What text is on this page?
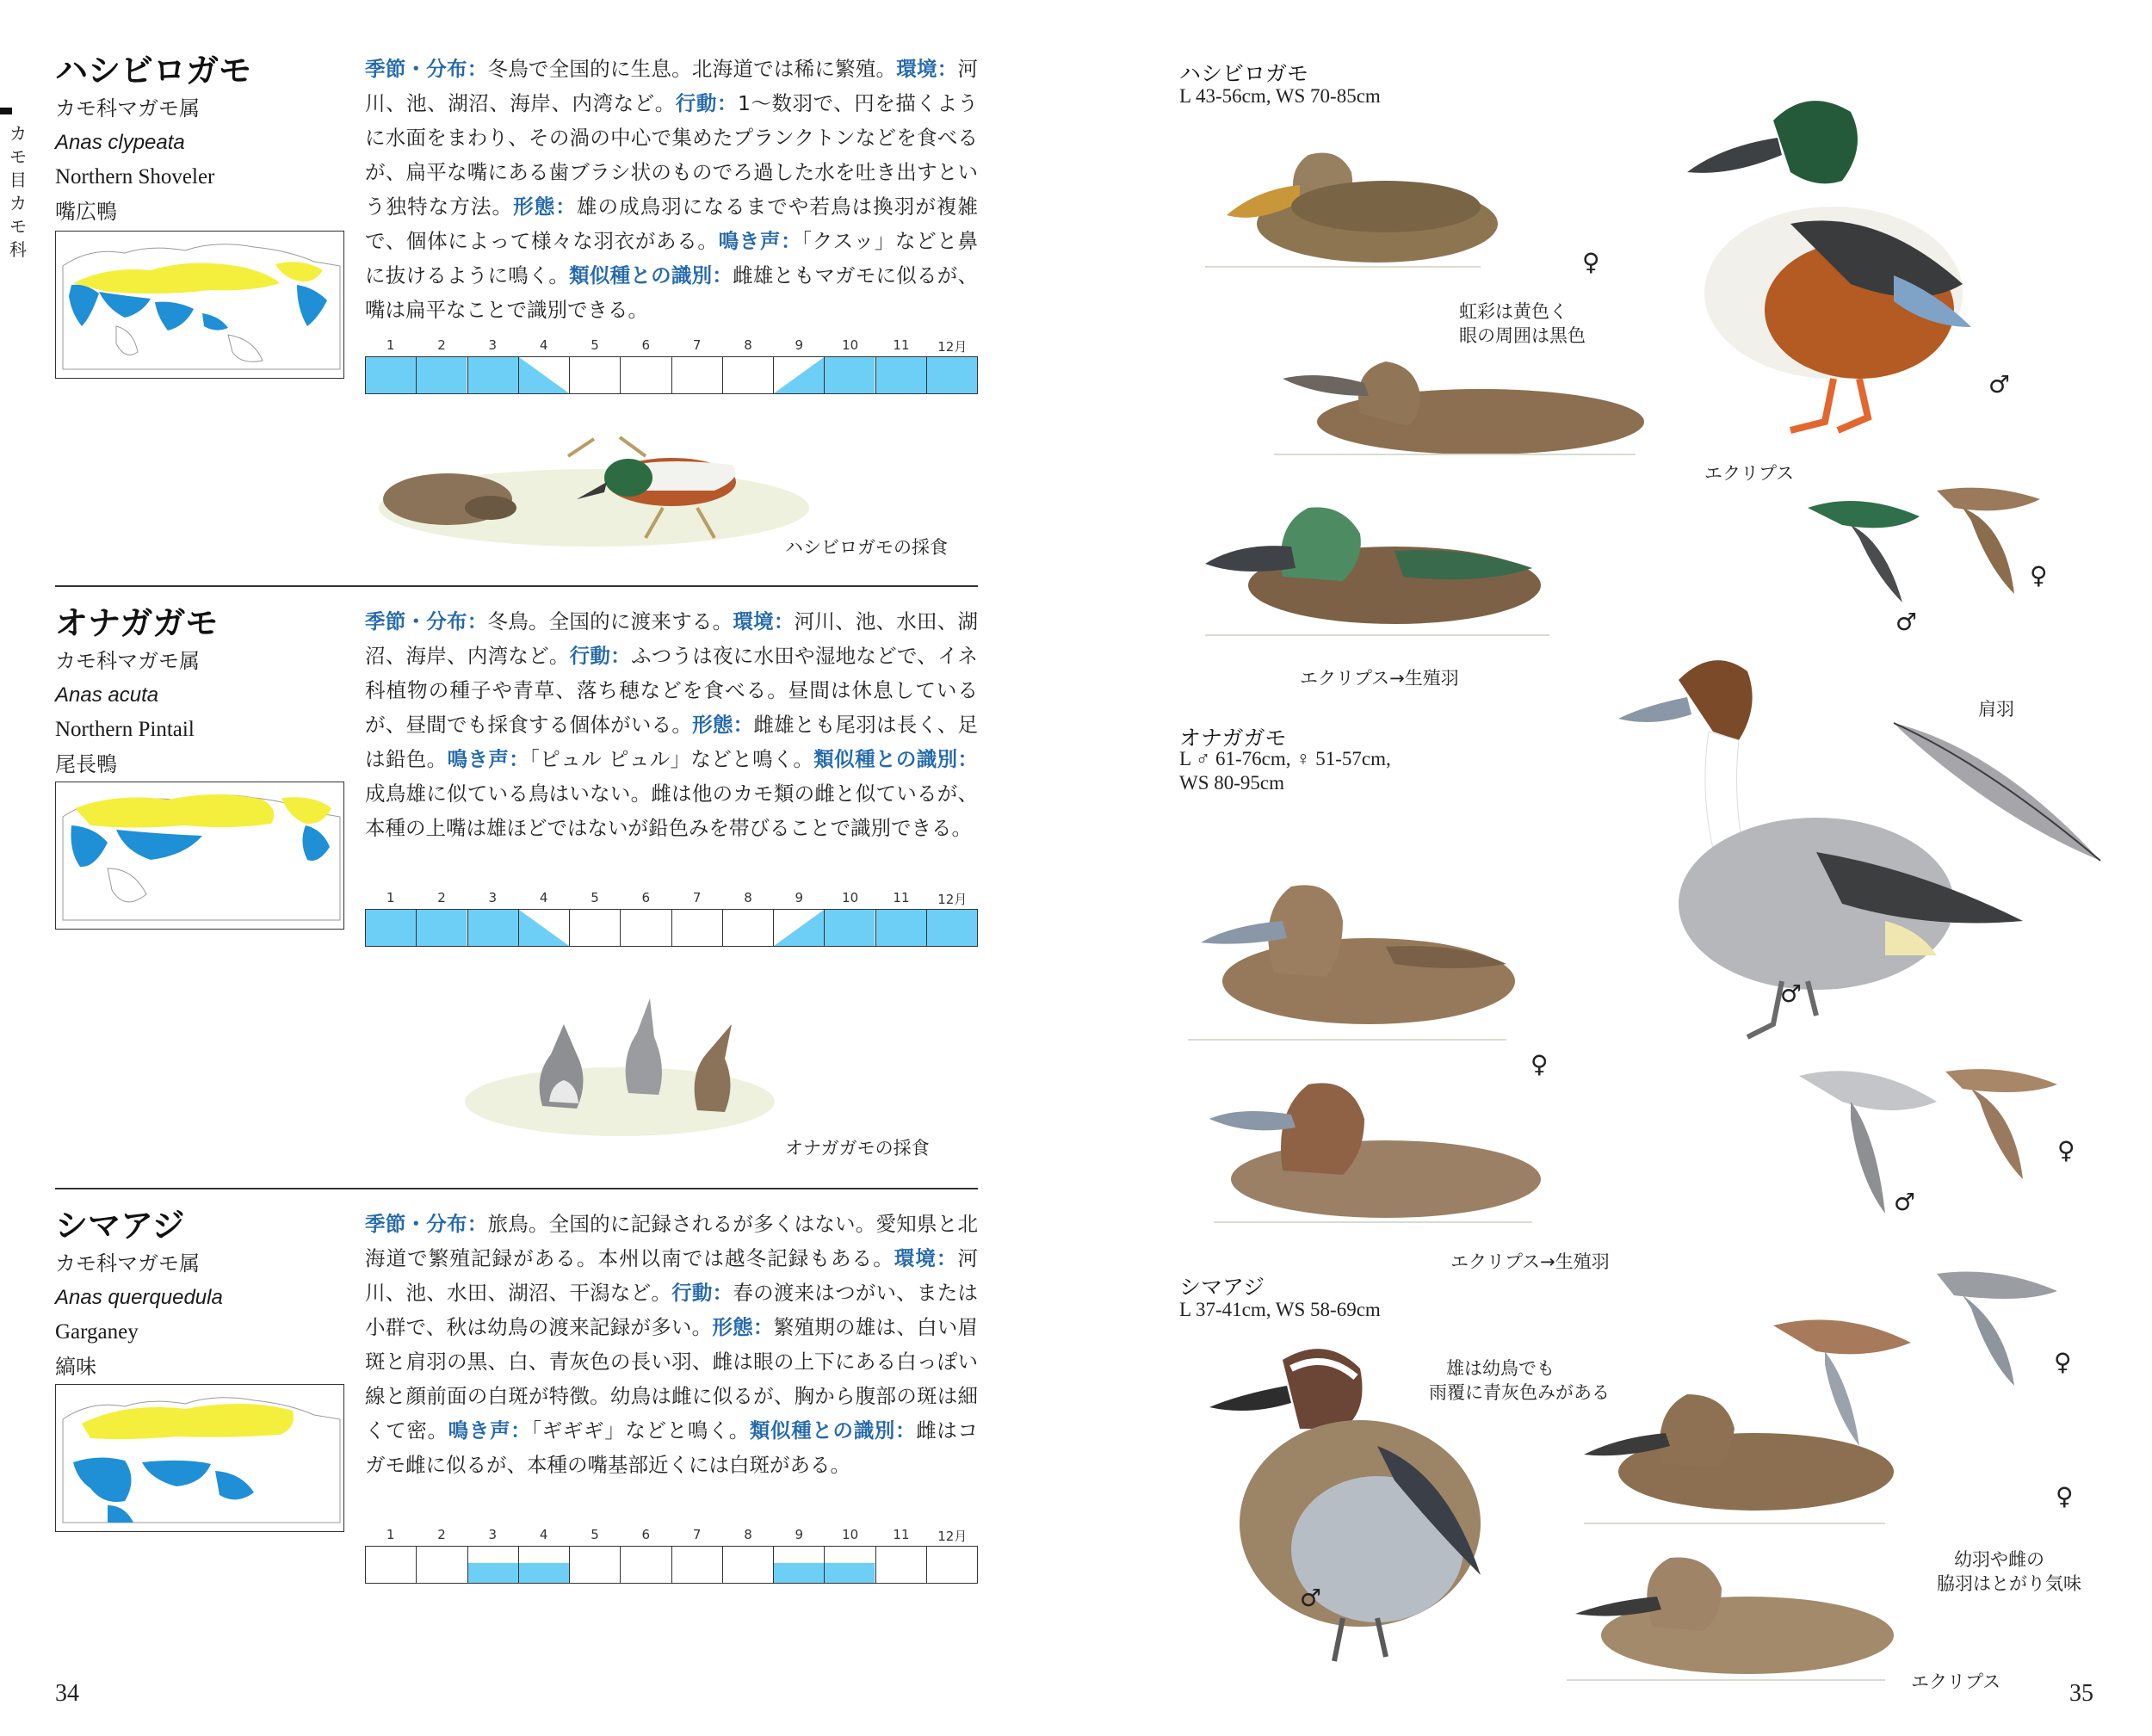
カモ目カモ科
ハシビロガモ
カモ科マガモ属
Anas clypeata
Northern Shoveler
嘴広鴨
季節・分布：冬鳥で全国的に生息。北海道では稀に繁殖。環境：河川、池、湖沼、海岸、内湾など。行動：1〜数羽で、円を描くように水面をまわり、その渦の中心で集めたプランクトンなどを食べるが、扁平な嘴にある歯ブラシ状のものでろ過した水を吐き出すという独特な方法。形態：雄の成鳥羽になるまでや若鳥は換羽が複雑で、個体によって様々な羽衣がある。鳴き声：「クスッ」などと鼻に抜けるように鳴く。類似種との識別：雌雄ともマガモに似るが、嘴は扁平なことで識別できる。
1	2	3	4	5	6	7	8	9	10	11	12月
ハシビロガモの採食
オナガガモ
カモ科マガモ属
Anas acuta
Northern Pintail
尾長鴨
季節・分布：冬鳥。全国的に渡来する。環境：河川、池、水田、湖沼、海岸、内湾など。行動：ふつうは夜に水田や湿地などで、イネ科植物の種子や青草、落ち穂などを食べる。昼間は休息しているが、昼間でも採食する個体がいる。形態：雌雄とも尾羽は長く、足は鉛色。鳴き声：「ピュル ピュル」などと鳴く。類似種との識別：成鳥雄に似ている鳥はいない。雌は他のカモ類の雌と似ているが、本種の上嘴は雄ほどではないが鉛色みを帯びることで識別できる。
1	2	3	4	5	6	7	8	9	10	11	12月
オナガガモの採食
シマアジ
カモ科マガモ属
Anas querquedula
Garganey
縞味
季節・分布：旅鳥。全国的に記録されるが多くはない。愛知県と北海道で繁殖記録がある。本州以南では越冬記録もある。環境：河川、池、水田、湖沼、干潟など。行動：春の渡来はつがい、または小群で、秋は幼鳥の渡来記録が多い。形態：繁殖期の雄は、白い眉斑と肩羽の黒、白、青灰色の長い羽、雌は眼の上下にある白っぽい線と顔前面の白斑が特徴。幼鳥は雌に似るが、胸から腹部の斑は細くて密。鳴き声：「ギギギ」などと鳴く。類似種との識別：雌はコガモ雌に似るが、本種の嘴基部近くには白斑がある。
1	2	3	4	5	6	7	8	9	10	11	12月
34
ハシビロガモ
L 43-56cm, WS 70-85cm
♀
♂
虹彩は黄色く
眼の周囲は黒色
エクリプス
エクリプス→生殖羽
♀
♂
オナガガモ
L ♂ 61-76cm, ♀ 51-57cm,
WS 80-95cm
♂
肩羽
♀
エクリプス→生殖羽
♀
♂
シマアジ
L 37-41cm, WS 58-69cm
♂
雄は幼鳥でも
雨覆に青灰色みがある
♀
幼羽や雌の
脇羽はとがり気味
エクリプス
♀
35
